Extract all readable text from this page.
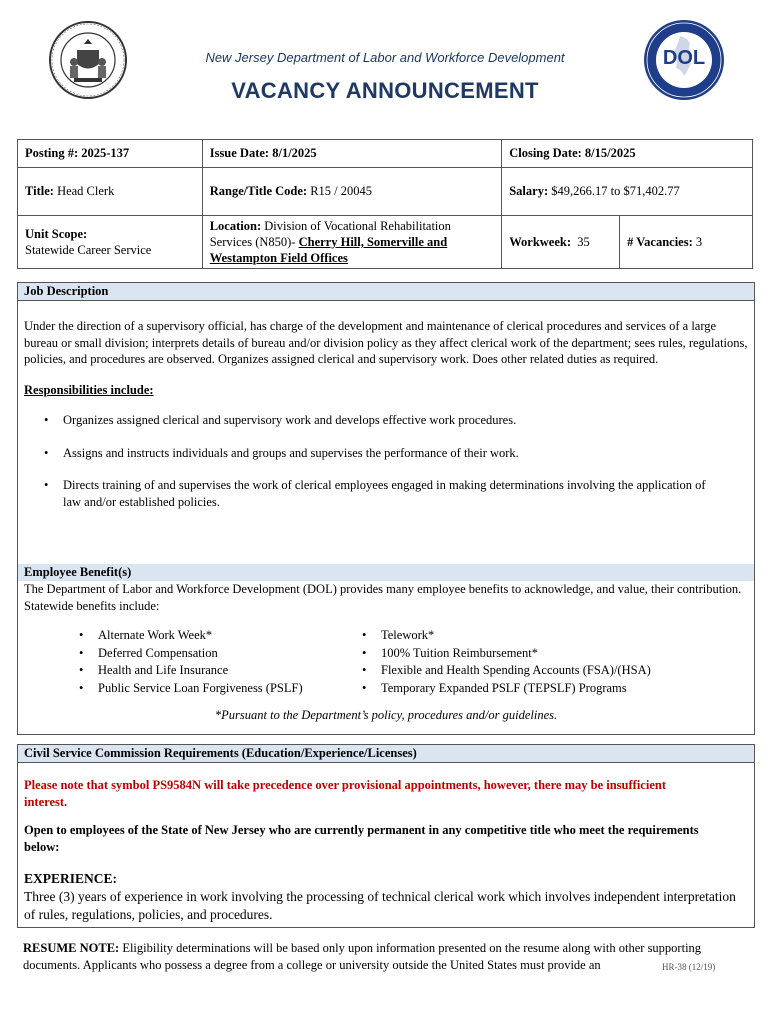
DOL
New Jersey Department of Labor and Workforce Development
VACANCY ANNOUNCEMENT
Posting #: 2025-137	Issue Date: 8/1/2025	Closing Date: 8/15/2025	
Title: Head Clerk	Range/Title Code: R15 / 20045	Salary: $49,266.17 to $71,402.77	
Unit Scope:
Statewide Career Service	Location: Division of Vocational Rehabilitation Services (N850)- Cherry Hill, Somerville and Westampton Field Offices	Workweek: 35	# Vacancies: 3
Job Description
Under the direction of a supervisory official, has charge of the development and maintenance of clerical procedures and services of a large bureau or small division; interprets details of bureau and/or division policy as they affect clerical work of the department; sees rules, regulations, policies, and procedures are observed. Organizes assigned clerical and supervisory work. Does other related duties as required.
Responsibilities include:
• Organizes assigned clerical and supervisory work and develops effective work procedures.
• Assigns and instructs individuals and groups and supervises the performance of their work.
• Directs training of and supervises the work of clerical employees engaged in making determinations involving the application of law and/or established policies.
Employee Benefit(s)
The Department of Labor and Workforce Development (DOL) provides many employee benefits to acknowledge, and value, their contribution. Statewide benefits include:
• Alternate Work Week*
• Deferred Compensation
• Health and Life Insurance
• Public Service Loan Forgiveness (PSLF)
• Telework*
• 100% Tuition Reimbursement*
• Flexible and Health Spending Accounts (FSA)/(HSA)
• Temporary Expanded PSLF (TEPSLF) Programs
*Pursuant to the Department’s policy, procedures and/or guidelines.
Civil Service Commission Requirements (Education/Experience/Licenses)
Please note that symbol PS9584N will take precedence over provisional appointments, however, there may be insufficient interest.
Open to employees of the State of New Jersey who are currently permanent in any competitive title who meet the requirements below:
EXPERIENCE:
Three (3) years of experience in work involving the processing of technical clerical work which involves independent interpretation of rules, regulations, policies, and procedures.
RESUME NOTE: Eligibility determinations will be based only upon information presented on the resume along with other supporting documents. Applicants who possess a degree from a college or university outside the United States must provide an	HR-38 (12/19)
